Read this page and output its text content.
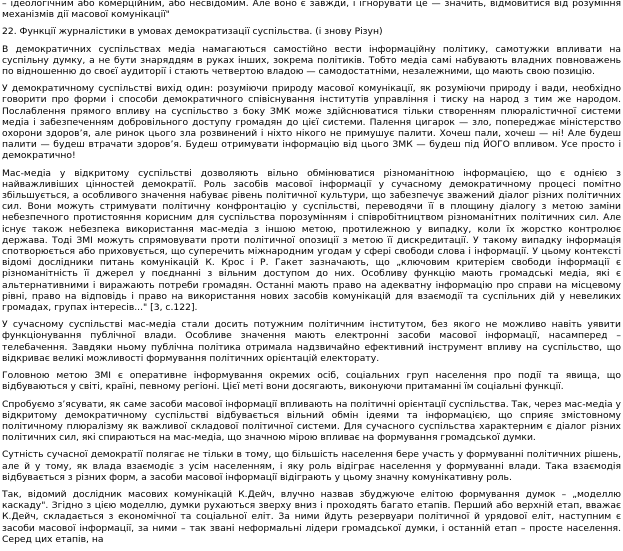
– ідеологічним або комерційним, або несвідомим. Але воно є завжди, і ігнорувати це — значить, відмовитися від розуміння механізмів дії масової комунікації"

22. Функції журналістики в умовах демократизації суспільства. (і знову Різун)

В демократичних суспільствах медіа намагаються самостійно вести інформаційну політику, самотужки впливати на суспільну думку, а не бути знаряддям в руках інших, зокрема політиків. Тобто медіа самі набувають владних повноважень по відношенню до своєї аудиторії і стають четвертою владою — самодостатніми, незалежними, що мають свою позицію.

У демократичному суспільстві вихід один: розуміючи природу масової комунікації, як розуміючи природу і вади, необхідно говорити про форми і способи демократичного співіснування інститутів управління і тиску на народ з тим же народом. Послаблення прямого впливу на суспільство з боку ЗМК може здійснюватися тільки створенням плюралістичної системи медіа і забезпеченням добровільного доступу громадян до цієї системи. Палення цигарок — зло, попереджає міністерство охорони здоров’я, але ринок цього зла розвинений і ніхто нікого не примушує палити. Хочеш пали, хочеш — ні! Але будеш палити — будеш втрачати здоров’я. Будеш отримувати інформацію від цього ЗМК — будеш під ЙОГО впливом. Усе просто і демократично!

Мас-медіа у відкритому суспільстві дозволяють вільно обмінюватися різноманітною інформацією, що є однією з найважливіших цінностей демократії. Роль засобів масової інформації у сучасному демократичному процесі помітно збільшується, а особливого значення набуває рівень політичної культури, що забезпечує зважений діалог різних політичних сил. Вони можуть стримувати політичну конфронтацію у суспільстві, переводячи її в площину діалогу з метою заміни небезпечного протистояння корисним для суспільства порозумінням і співробітництвом різноманітних політичних сил. Але існує також небезпека використання мас-медіа з іншою метою, протилежною у випадку, коли їх жорстко контролює держава. Тоді ЗМІ можуть спрямовувати проти політичної опозиції з метою її дискредитації. У такому випадку інформація спотворюється або приховується, що суперечить міжнародним угодам у сфері свободи слова і інформації. У цьому контексті відомі дослідники питань комунікацій К. Крос і Р. Гакет зазначають, що „ключовим критерієм свободи інформації є різноманітність її джерел у поєднанні з вільним доступом до них. Особливу функцію мають громадські медіа, які є альтернативними і виражають потреби громадян. Останні мають право на адекватну інформацію про справи на місцевому рівні, право на відповідь і право на використання нових засобів комунікацій для взаємодії та суспільних дій у невеликих громадах, групах інтересів..." [3, с.122].

У сучасному суспільстві мас-медіа стали досить потужним політичним інститутом, без якого не можливо навіть уявити функціонування публічної влади. Особливе значення мають електронні засоби масової інформації, насамперед – телебачення. Завдяки ньому публічна політика отримала надзвичайно ефективний інструмент впливу на суспільство, що відкриває великі можливості формування політичних орієнтацій електорату.

Головною метою ЗМІ є оперативне інформування окремих осіб, соціальних груп населення про події та явища, що відбуваються у світі, країні, певному регіоні. Цієї меті вони досягають, виконуючи притаманні їм соціальні функції.

Спробуємо з’ясувати, як саме засоби масової інформації впливають на політичні орієнтації суспільства. Так, через мас-медіа у відкритому демократичному суспільстві відбувається вільний обмін ідеями та інформацією, що сприяє змістовному політичному плюралізму як важливої складової політичної системи. Для сучасного суспільства характерним є діалог різних політичних сил, які спираються на мас-медіа, що значною мірою впливає на формування громадської думки.

Сутність сучасної демократії полягає не тільки в тому, що більшість населення бере участь у формуванні політичних рішень, але й у тому, як влада взаємодіє з усім населенням, і яку роль відіграє населення у формуванні влади. Така взаємодія відбувається з різних форм, а засоби масової інформації відіграють у цьому значну комунікативну роль.

Так, відомий дослідник масових комунікацій К.Дейч, влучно назвав збуджуюче елітою формування думок – „моделлю каскаду". Згідно з цією моделлю, думки рухаються зверху вниз і проходять багато етапів. Перший або верхній етап, вважає К.Дейч, складається з економічної та соціальної еліт. За ними йдуть резервуари політичної й урядової еліт, наступним є засоби масової інформації, за ними – так звані неформальні лідери громадської думки, і останній етап – просте населення. Серед цих етапів, на
